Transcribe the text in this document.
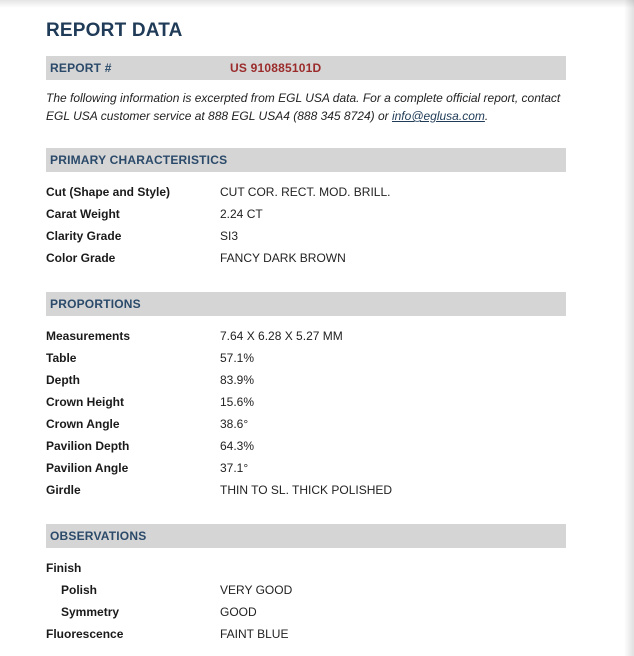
REPORT DATA
REPORT #	US 910885101D
The following information is excerpted from EGL USA data. For a complete official report, contact EGL USA customer service at 888 EGL USA4 (888 345 8724) or info@eglusa.com.
PRIMARY CHARACTERISTICS
Cut (Shape and Style)	CUT COR. RECT. MOD. BRILL.
Carat Weight	2.24 CT
Clarity Grade	SI3
Color Grade	FANCY DARK BROWN
PROPORTIONS
Measurements	7.64 X 6.28 X 5.27 MM
Table	57.1%
Depth	83.9%
Crown Height	15.6%
Crown Angle	38.6°
Pavilion Depth	64.3%
Pavilion Angle	37.1°
Girdle	THIN TO SL. THICK POLISHED
OBSERVATIONS
Finish
Polish	VERY GOOD
Symmetry	GOOD
Fluorescence	FAINT BLUE
